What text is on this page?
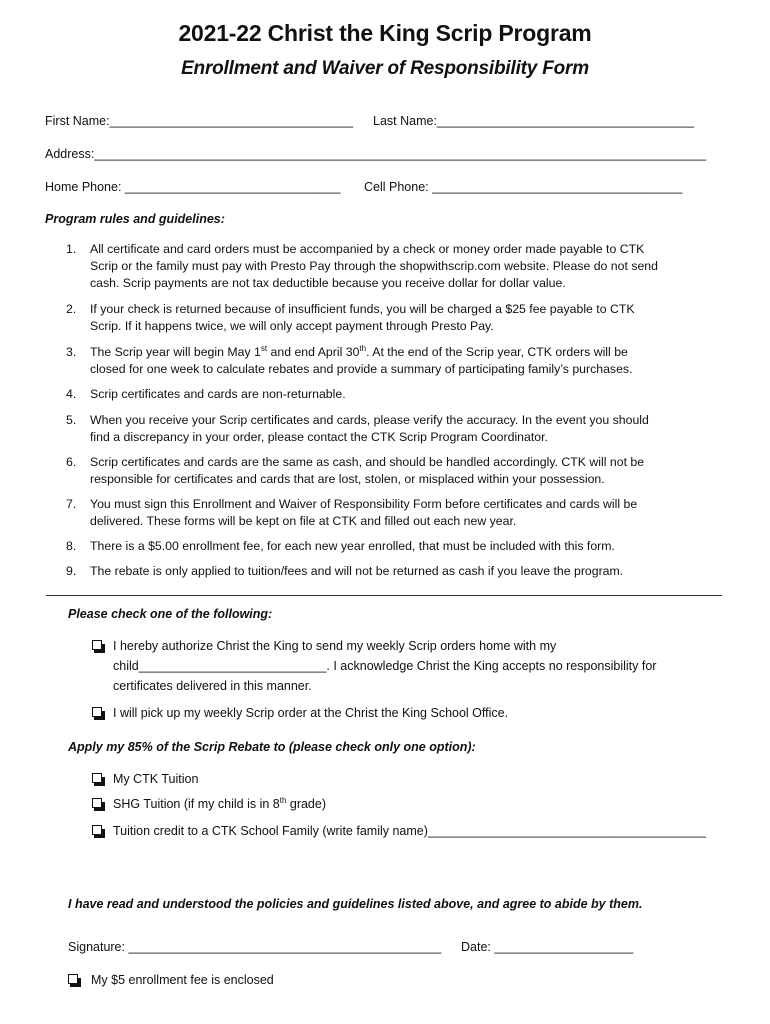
2021-22 Christ the King Scrip Program
Enrollment and Waiver of Responsibility Form
First Name:___________________________________ Last Name:_____________________________________
Address:________________________________________________________________________________________
Home Phone: _______________________________ Cell Phone: ____________________________________
Program rules and guidelines:
1.	All certificate and card orders must be accompanied by a check or money order made payable to CTK Scrip or the family must pay with Presto Pay through the shopwithscrip.com website. Please do not send cash. Scrip payments are not tax deductible because you receive dollar for dollar value.
2.	If your check is returned because of insufficient funds, you will be charged a $25 fee payable to CTK Scrip. If it happens twice, we will only accept payment through Presto Pay.
3.	The Scrip year will begin May 1st and end April 30th. At the end of the Scrip year, CTK orders will be closed for one week to calculate rebates and provide a summary of participating family’s purchases.
4.	Scrip certificates and cards are non-returnable.
5.	When you receive your Scrip certificates and cards, please verify the accuracy. In the event you should find a discrepancy in your order, please contact the CTK Scrip Program Coordinator.
6.	Scrip certificates and cards are the same as cash, and should be handled accordingly. CTK will not be responsible for certificates and cards that are lost, stolen, or misplaced within your possession.
7.	You must sign this Enrollment and Waiver of Responsibility Form before certificates and cards will be delivered. These forms will be kept on file at CTK and filled out each new year.
8.	There is a $5.00 enrollment fee, for each new year enrolled, that must be included with this form.
9.	The rebate is only applied to tuition/fees and will not be returned as cash if you leave the program.
Please check one of the following:
I hereby authorize Christ the King to send my weekly Scrip orders home with my
child___________________________. I acknowledge Christ the King accepts no responsibility for
certificates delivered in this manner.
I will pick up my weekly Scrip order at the Christ the King School Office.
Apply my 85% of the Scrip Rebate to (please check only one option):
My CTK Tuition
SHG Tuition (if my child is in 8th grade)
Tuition credit to a CTK School Family (write family name)________________________________________
I have read and understood the policies and guidelines listed above, and agree to abide by them.
Signature: _____________________________________________ Date: ____________________
My $5 enrollment fee is enclosed
